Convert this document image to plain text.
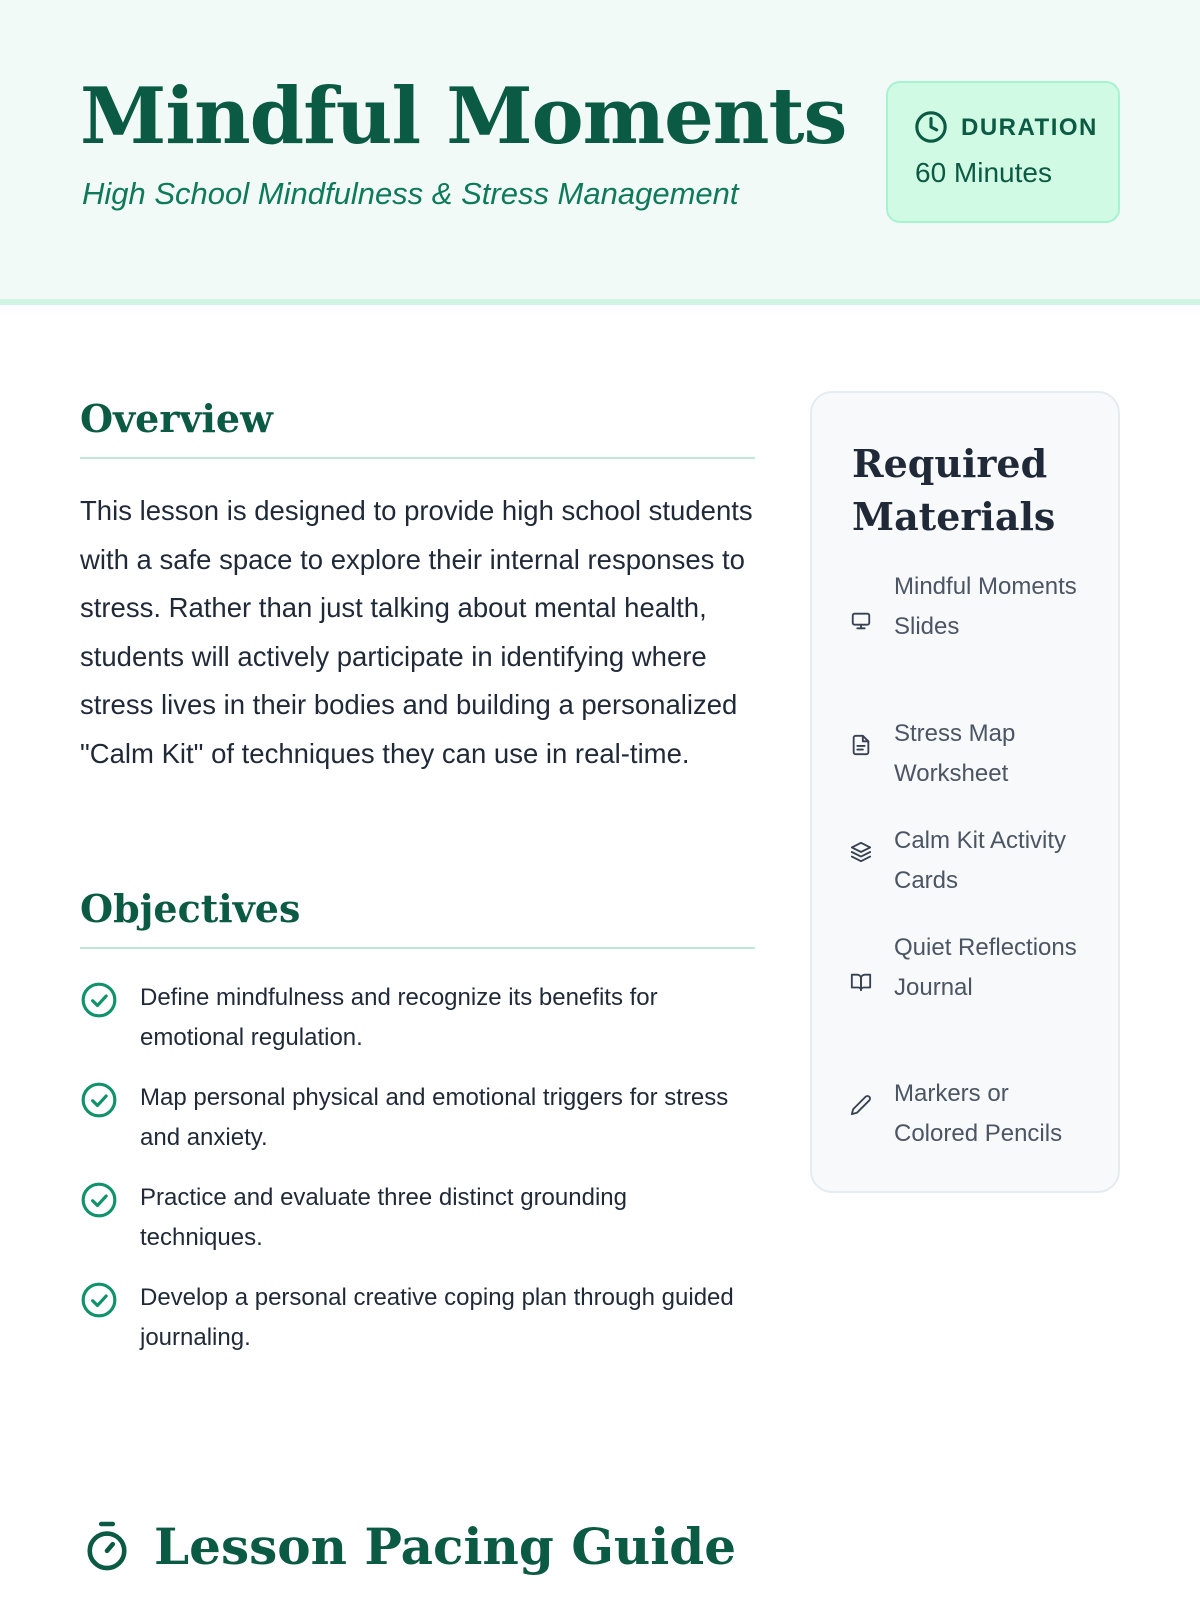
Mindful Moments
High School Mindfulness & Stress Management
DURATION
60 Minutes
Overview

This lesson is designed to provide high school students with a safe space to explore their internal responses to stress. Rather than just talking about mental health, students will actively participate in identifying where stress lives in their bodies and building a personalized "Calm Kit" of techniques they can use in real-time.

Objectives
Define mindfulness and recognize its benefits for emotional regulation.
Map personal physical and emotional triggers for stress and anxiety.
Practice and evaluate three distinct grounding techniques.
Develop a personal creative coping plan through guided journaling.
Required Materials
Mindful Moments Slides
Stress Map Worksheet
Calm Kit Activity Cards
Quiet Reflections Journal
Markers or Colored Pencils
Lesson Pacing Guide
